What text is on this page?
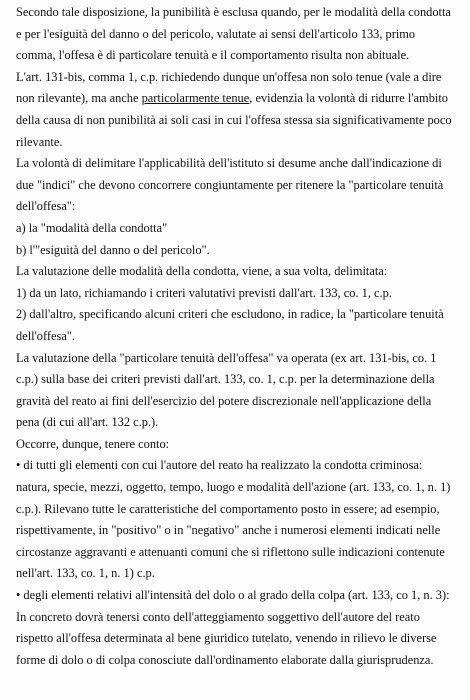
Secondo tale disposizione, la punibilità è esclusa quando, per le modalità della condotta
e per l'esiguità del danno o del pericolo, valutate ai sensi dell'articolo 133, primo
comma, l'offesa è di particolare tenuità e il comportamento risulta non abituale.

L'art. 131-bis, comma 1, c.p. richiedendo dunque un'offesa non solo tenue (vale a dire
non rilevante), ma anche particolarmente tenue, evidenzia la volontà di ridurre l'ambito
della causa di non punibilità ai soli casi in cui l'offesa stessa sia significativamente poco
rilevante.

La volontà di delimitare l'applicabilità dell'istituto si desume anche dall'indicazione di
due "indici" che devono concorrere congiuntamente per ritenere la "particolare tenuità
dell'offesa":

a) la "modalità della condotta"

b) l'"esiguità del danno o del pericolo".

La valutazione delle modalità della condotta, viene, a sua volta, delimitata:

1) da un lato, richiamando i criteri valutativi previsti dall'art. 133, co. 1, c.p.

2) dall'altro, specificando alcuni criteri che escludono, in radice, la "particolare tenuità
dell'offesa".

La valutazione della "particolare tenuità dell'offesa" va operata (ex art. 131-bis, co. 1
c.p.) sulla base dei criteri previsti dall'art. 133, co. 1, c.p. per la determinazione della
gravità del reato ai fini dell'esercizio del potere discrezionale nell'applicazione della
pena (di cui all'art. 132 c.p.).

Occorre, dunque, tenere conto:

• di tutti gli elementi con cui l'autore del reato ha realizzato la condotta criminosa:
natura, specie, mezzi, oggetto, tempo, luogo e modalità dell'azione (art. 133, co. 1, n. 1)
c.p.). Rilevano tutte le caratteristiche del comportamento posto in essere; ad esempio,
rispettivamente, in "positivo" o in "negativo" anche i numerosi elementi indicati nelle
circostanze aggravanti e attenuanti comuni che si riflettono sulle indicazioni contenute
nell'art. 133, co. 1, n. 1) c.p.

• degli elementi relativi all'intensità del dolo o al grado della colpa (art. 133, co 1, n. 3):
In concreto dovrà tenersi conto dell'atteggiamento soggettivo dell'autore del reato
rispetto all'offesa determinata al bene giuridico tutelato, venendo in rilievo le diverse
forme di dolo o di colpa conosciute dall'ordinamento elaborate dalla giurisprudenza.
